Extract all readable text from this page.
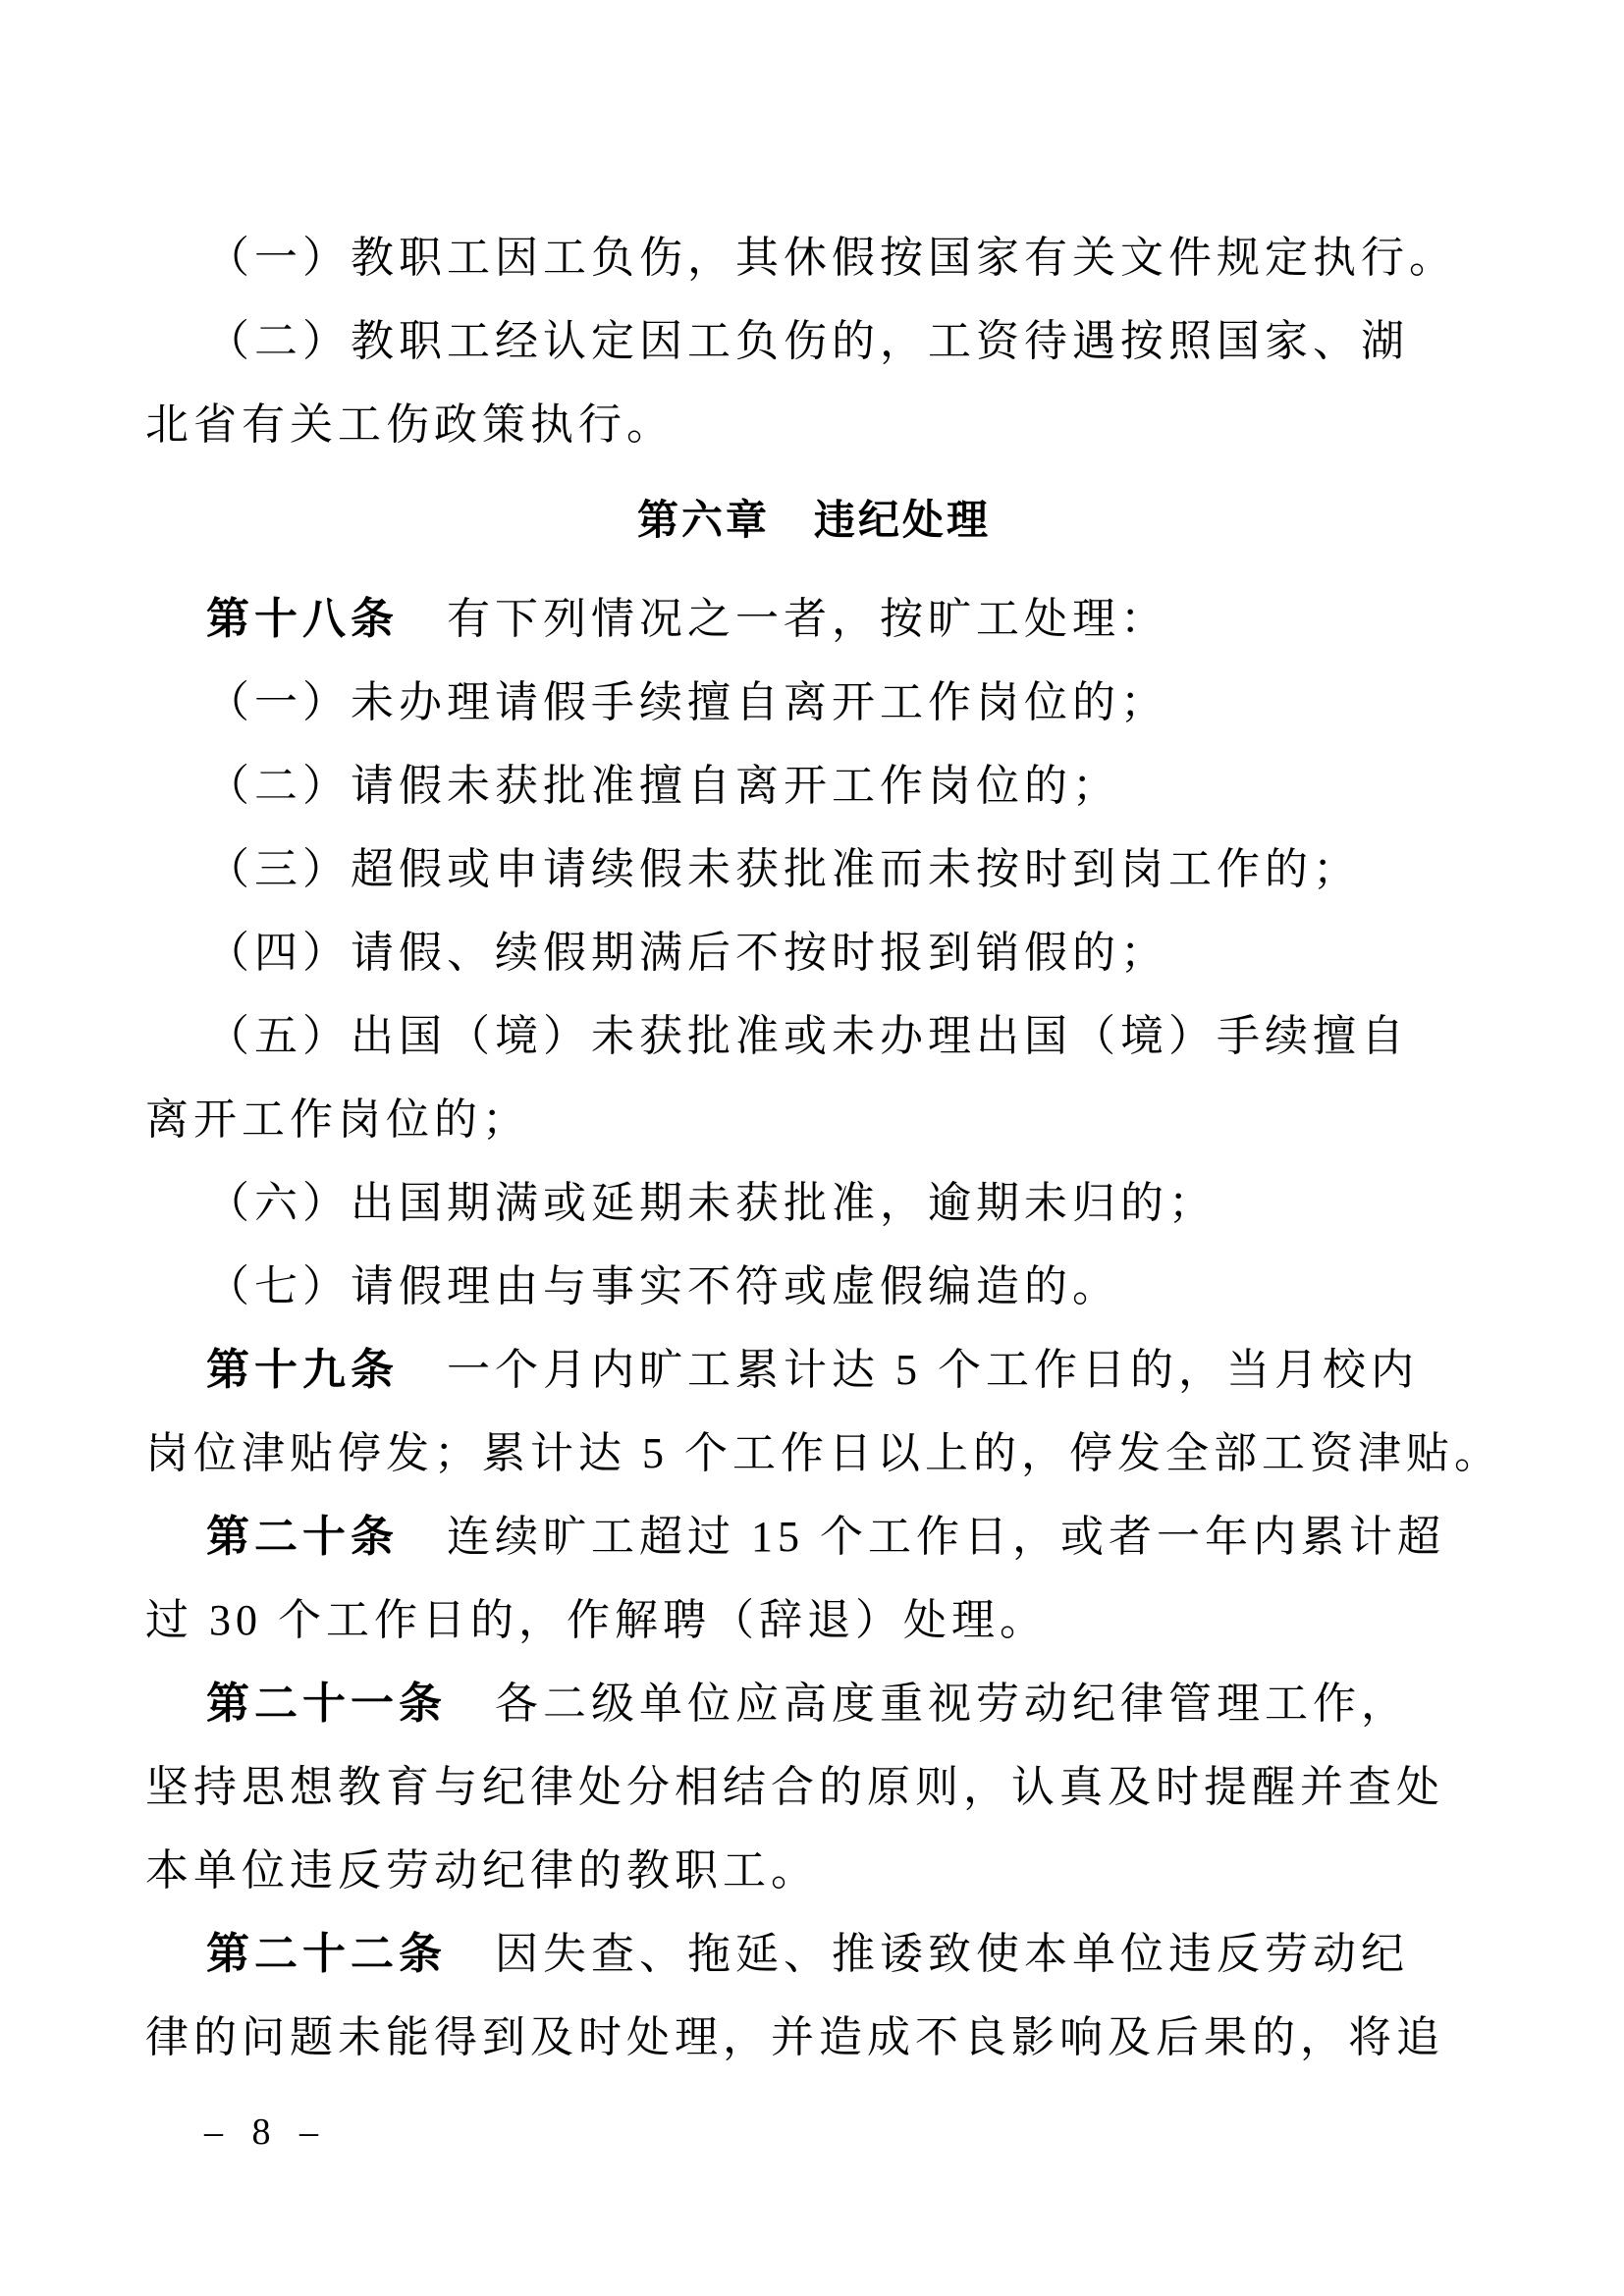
（一）教职工因工负伤，其休假按国家有关文件规定执行。
（二）教职工经认定因工负伤的，工资待遇按照国家、湖
北省有关工伤政策执行。
第六章　违纪处理
第十八条　有下列情况之一者，按旷工处理：
（一）未办理请假手续擅自离开工作岗位的；
（二）请假未获批准擅自离开工作岗位的；
（三）超假或申请续假未获批准而未按时到岗工作的；
（四）请假、续假期满后不按时报到销假的；
（五）出国（境）未获批准或未办理出国（境）手续擅自
离开工作岗位的；
（六）出国期满或延期未获批准，逾期未归的；
（七）请假理由与事实不符或虚假编造的。
第十九条　一个月内旷工累计达 5 个工作日的，当月校内
岗位津贴停发；累计达 5 个工作日以上的，停发全部工资津贴。
第二十条　连续旷工超过 15 个工作日，或者一年内累计超
过 30 个工作日的，作解聘（辞退）处理。
第二十一条　各二级单位应高度重视劳动纪律管理工作，
坚持思想教育与纪律处分相结合的原则，认真及时提醒并查处
本单位违反劳动纪律的教职工。
第二十二条　因失查、拖延、推诿致使本单位违反劳动纪
律的问题未能得到及时处理，并造成不良影响及后果的，将追
– 8 –
